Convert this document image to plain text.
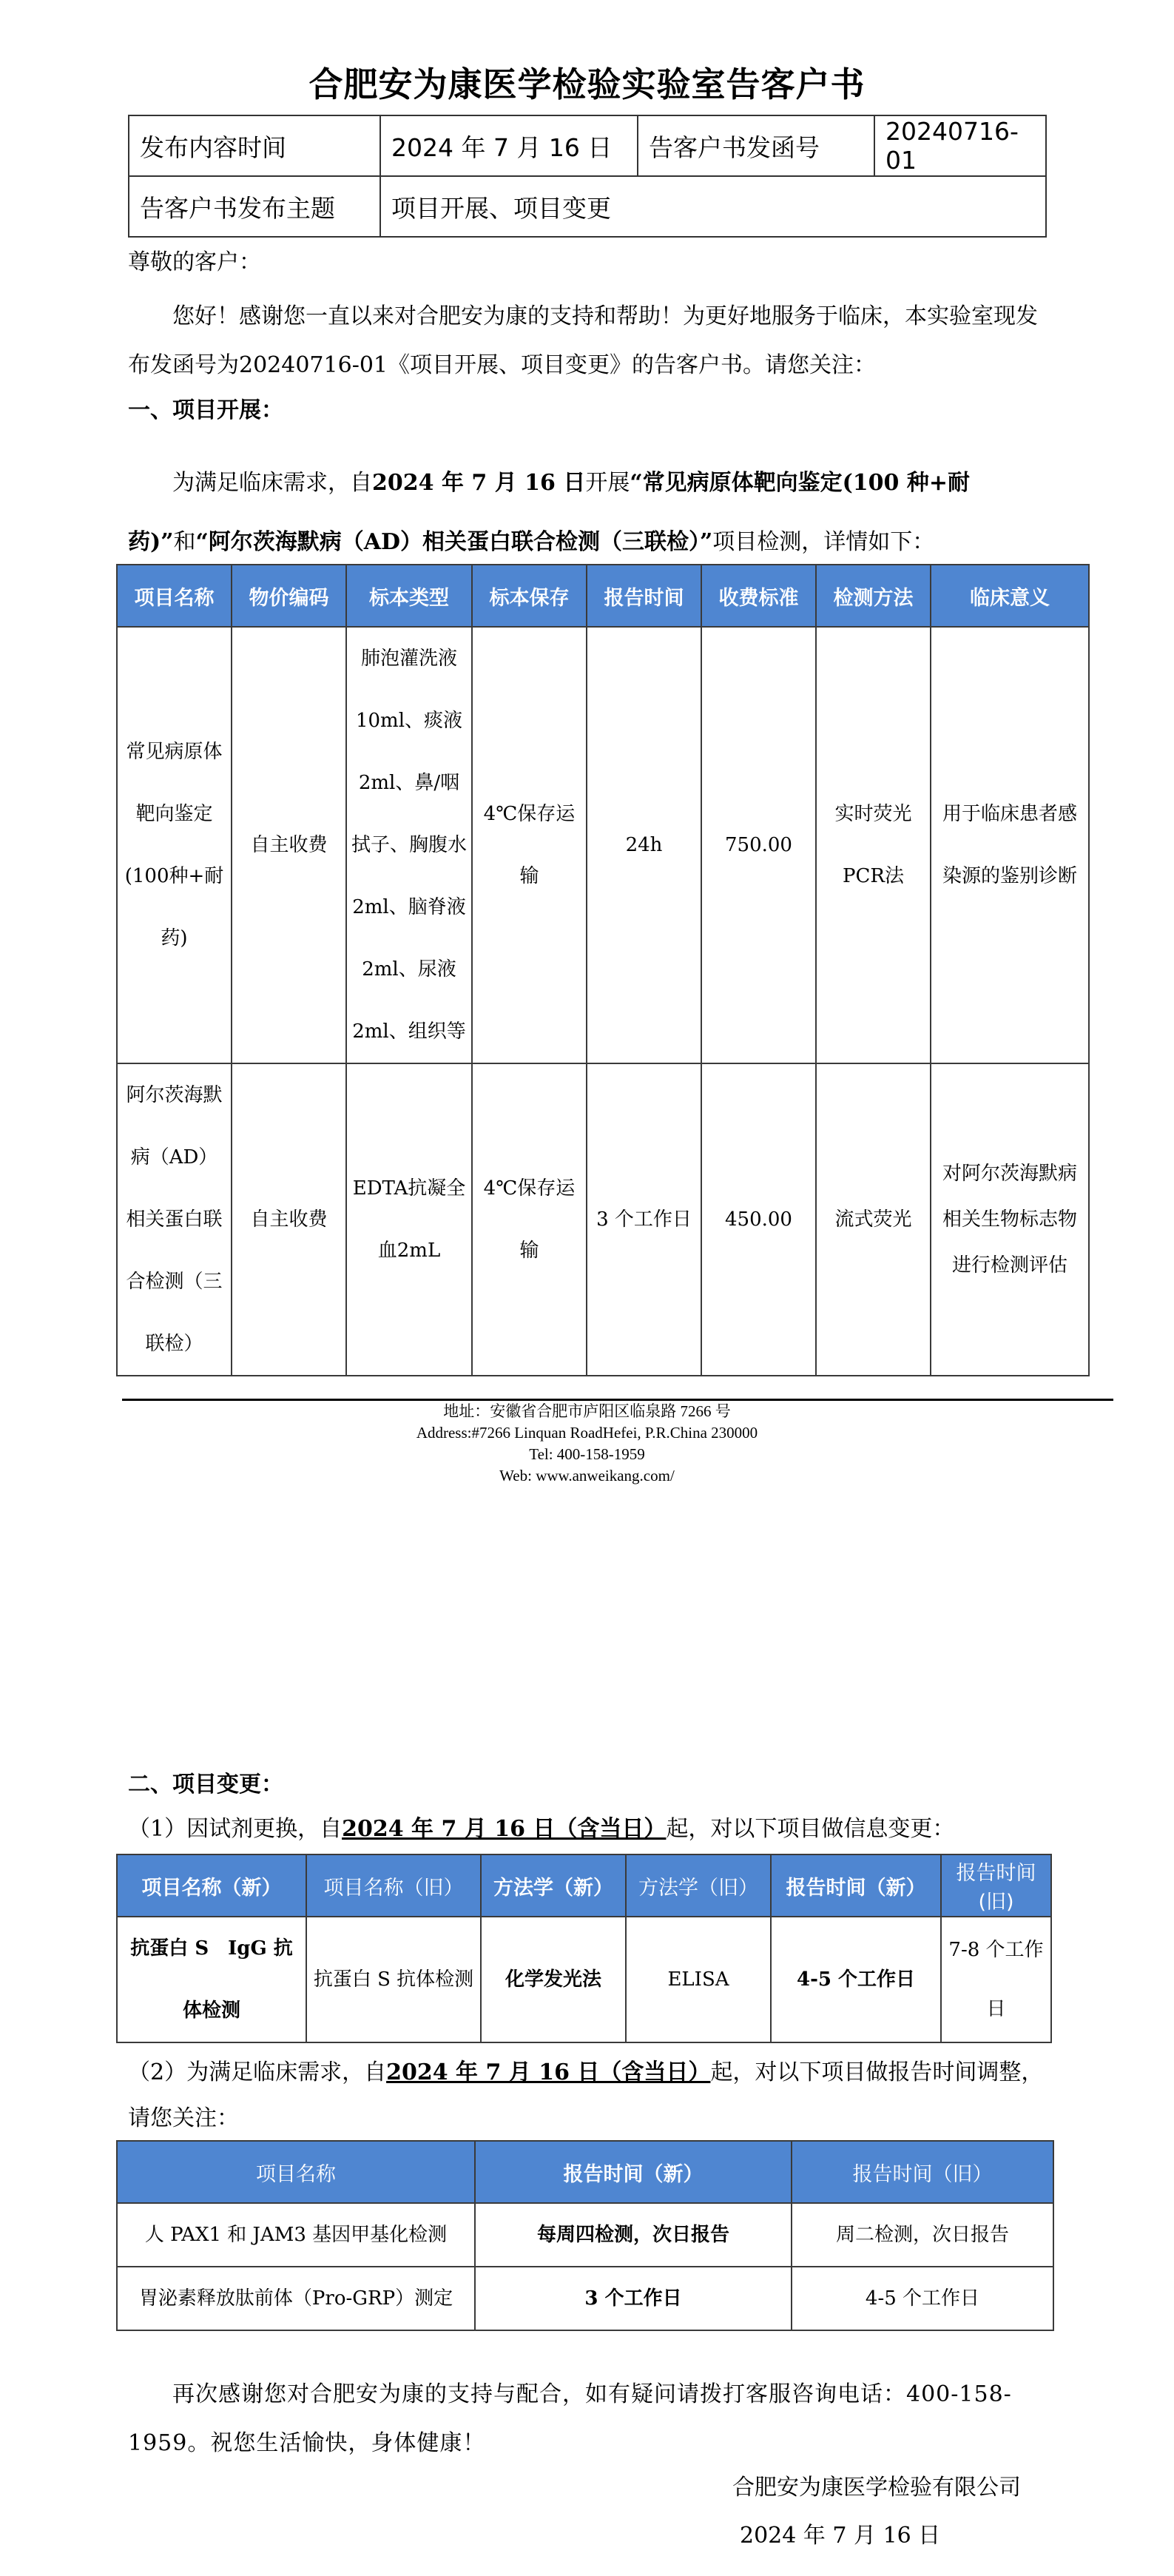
合肥安为康医学检验实验室告客户书
发布内容时间	2024 年 7 月 16 日	告客户书发函号	20240716-01
告客户书发布主题	项目开展、项目变更		
尊敬的客户：
您好！感谢您一直以来对合肥安为康的支持和帮助！为更好地服务于临床，本实验室现发布发函号为20240716-01《项目开展、项目变更》的告客户书。请您关注：
一、项目开展：
为满足临床需求，自2024 年 7 月 16 日开展“常见病原体靶向鉴定(100 种+耐药)”和“阿尔茨海默病（AD）相关蛋白联合检测（三联检）”项目检测，详情如下：
项目名称	物价编码	标本类型	标本保存	报告时间	收费标准	检测方法	临床意义
常见病原体靶向鉴定(100种+耐药)	自主收费	肺泡灌洗液10ml、痰液2ml、鼻/咽拭子、胸腹水2ml、脑脊液2ml、尿液2ml、组织等	4℃保存运输	24h	750.00	实时荧光PCR法	用于临床患者感染源的鉴别诊断
阿尔茨海默病（AD）相关蛋白联合检测（三联检）	自主收费	EDTA抗凝全血2mL	4℃保存运输	3 个工作日	450.00	流式荧光	对阿尔茨海默病相关生物标志物进行检测评估
地址：安徽省合肥市庐阳区临泉路 7266 号
Address:#7266 Linquan RoadHefei, P.R.China 230000
Tel: 400-158-1959
Web: www.anweikang.com/
二、项目变更：
（1）因试剂更换，自2024 年 7 月 16 日（含当日）起，对以下项目做信息变更：
项目名称（新）	项目名称（旧）	方法学（新）	方法学（旧）	报告时间（新）	报告时间(旧)
抗蛋白 S　IgG 抗体检测	抗蛋白 S 抗体检测	化学发光法	ELISA	4-5 个工作日	7-8 个工作日
（2）为满足临床需求，自2024 年 7 月 16 日（含当日）起，对以下项目做报告时间调整，请您关注：
项目名称	报告时间（新）	报告时间（旧）
人 PAX1 和 JAM3 基因甲基化检测	每周四检测，次日报告	周二检测，次日报告
胃泌素释放肽前体（Pro-GRP）测定	3 个工作日	4-5 个工作日
再次感谢您对合肥安为康的支持与配合，如有疑问请拨打客服咨询电话：400-158-1959。祝您生活愉快，身体健康！
合肥安为康医学检验有限公司
2024 年 7 月 16 日
